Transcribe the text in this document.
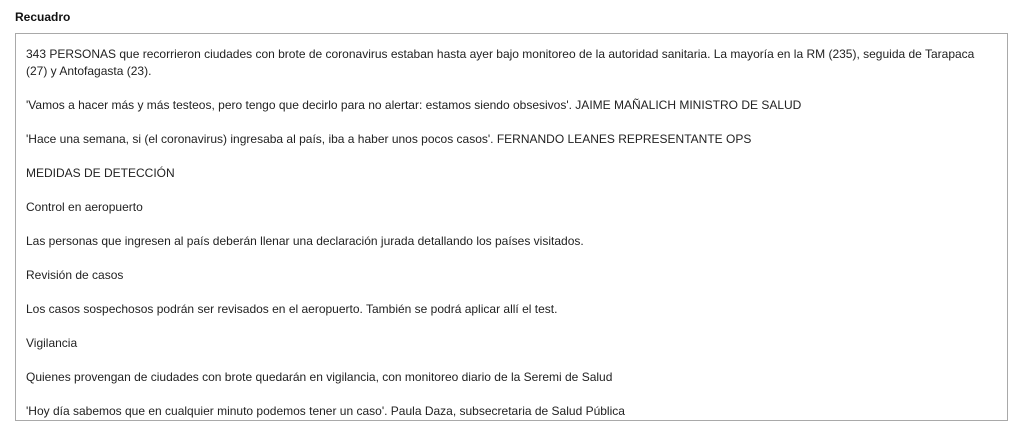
Recuadro

343 PERSONAS que recorrieron ciudades con brote de coronavirus estaban hasta ayer bajo monitoreo de la autoridad sanitaria. La mayoría en la RM (235), seguida de Tarapaca (27) y Antofagasta (23).

'Vamos a hacer más y más testeos, pero tengo que decirlo para no alertar: estamos siendo obsesivos'. JAIME MAÑALICH MINISTRO DE SALUD

'Hace una semana, si (el coronavirus) ingresaba al país, iba a haber unos pocos casos'. FERNANDO LEANES REPRESENTANTE OPS

MEDIDAS DE DETECCIÓN

Control en aeropuerto

Las personas que ingresen al país deberán llenar una declaración jurada detallando los países visitados.

Revisión de casos

Los casos sospechosos podrán ser revisados en el aeropuerto. También se podrá aplicar allí el test.

Vigilancia

Quienes provengan de ciudades con brote quedarán en vigilancia, con monitoreo diario de la Seremi de Salud

'Hoy día sabemos que en cualquier minuto podemos tener un caso'. Paula Daza, subsecretaria de Salud Pública
